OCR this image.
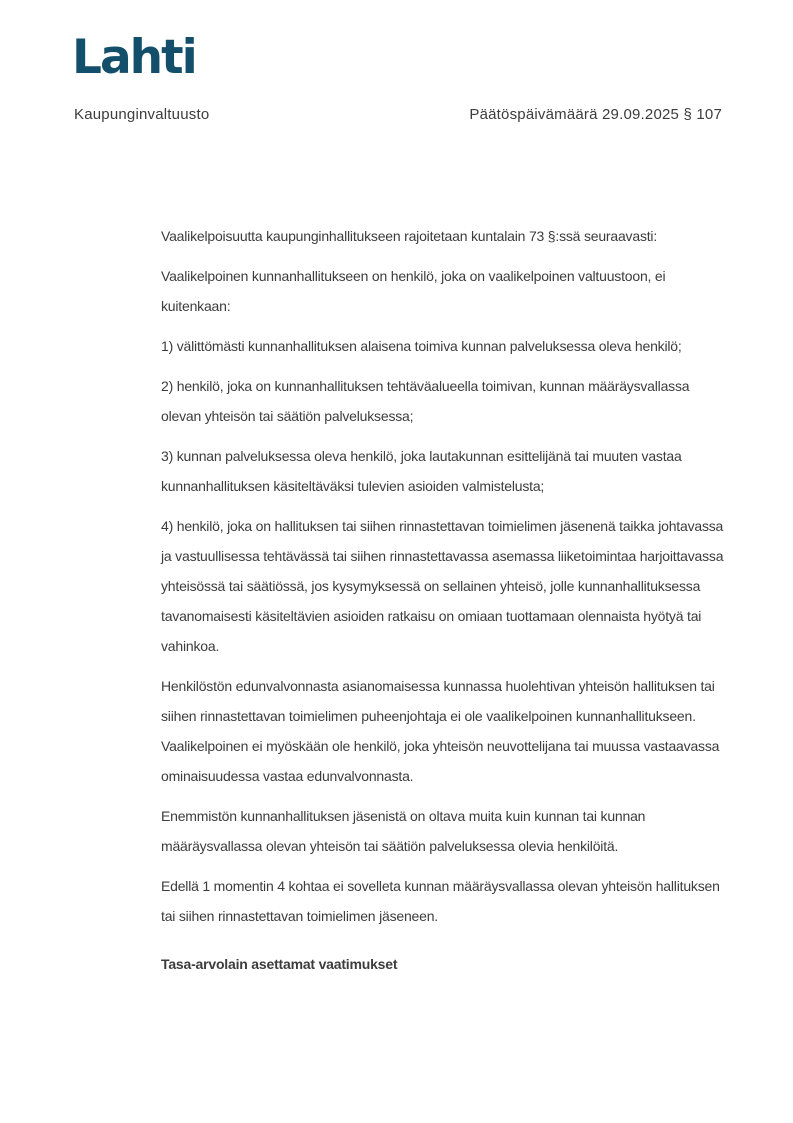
Lahti
Kaupunginvaltuusto	Päätöspäivämäärä 29.09.2025 § 107

Vaalikelpoisuutta kaupunginhallitukseen rajoitetaan kuntalain 73 §:ssä seuraavasti:

Vaalikelpoinen kunnanhallitukseen on henkilö, joka on vaalikelpoinen valtuustoon, ei kuitenkaan:

1) välittömästi kunnanhallituksen alaisena toimiva kunnan palveluksessa oleva henkilö;

2) henkilö, joka on kunnanhallituksen tehtäväalueella toimivan, kunnan määräysvallassa olevan yhteisön tai säätiön palveluksessa;

3) kunnan palveluksessa oleva henkilö, joka lautakunnan esittelijänä tai muuten vastaa kunnanhallituksen käsiteltäväksi tulevien asioiden valmistelusta;

4) henkilö, joka on hallituksen tai siihen rinnastettavan toimielimen jäsenenä taikka johtavassa ja vastuullisessa tehtävässä tai siihen rinnastettavassa asemassa liiketoimintaa harjoittavassa yhteisössä tai säätiössä, jos kysymyksessä on sellainen yhteisö, jolle kunnanhallituksessa tavanomaisesti käsiteltävien asioiden ratkaisu on omiaan tuottamaan olennaista hyötyä tai vahinkoa.

Henkilöstön edunvalvonnasta asianomaisessa kunnassa huolehtivan yhteisön hallituksen tai siihen rinnastettavan toimielimen puheenjohtaja ei ole vaalikelpoinen kunnanhallitukseen. Vaalikelpoinen ei myöskään ole henkilö, joka yhteisön neuvottelijana tai muussa vastaavassa ominaisuudessa vastaa edunvalvonnasta.

Enemmistön kunnanhallituksen jäsenistä on oltava muita kuin kunnan tai kunnan määräysvallassa olevan yhteisön tai säätiön palveluksessa olevia henkilöitä.

Edellä 1 momentin 4 kohtaa ei sovelleta kunnan määräysvallassa olevan yhteisön hallituksen tai siihen rinnastettavan toimielimen jäseneen.

Tasa-arvolain asettamat vaatimukset
